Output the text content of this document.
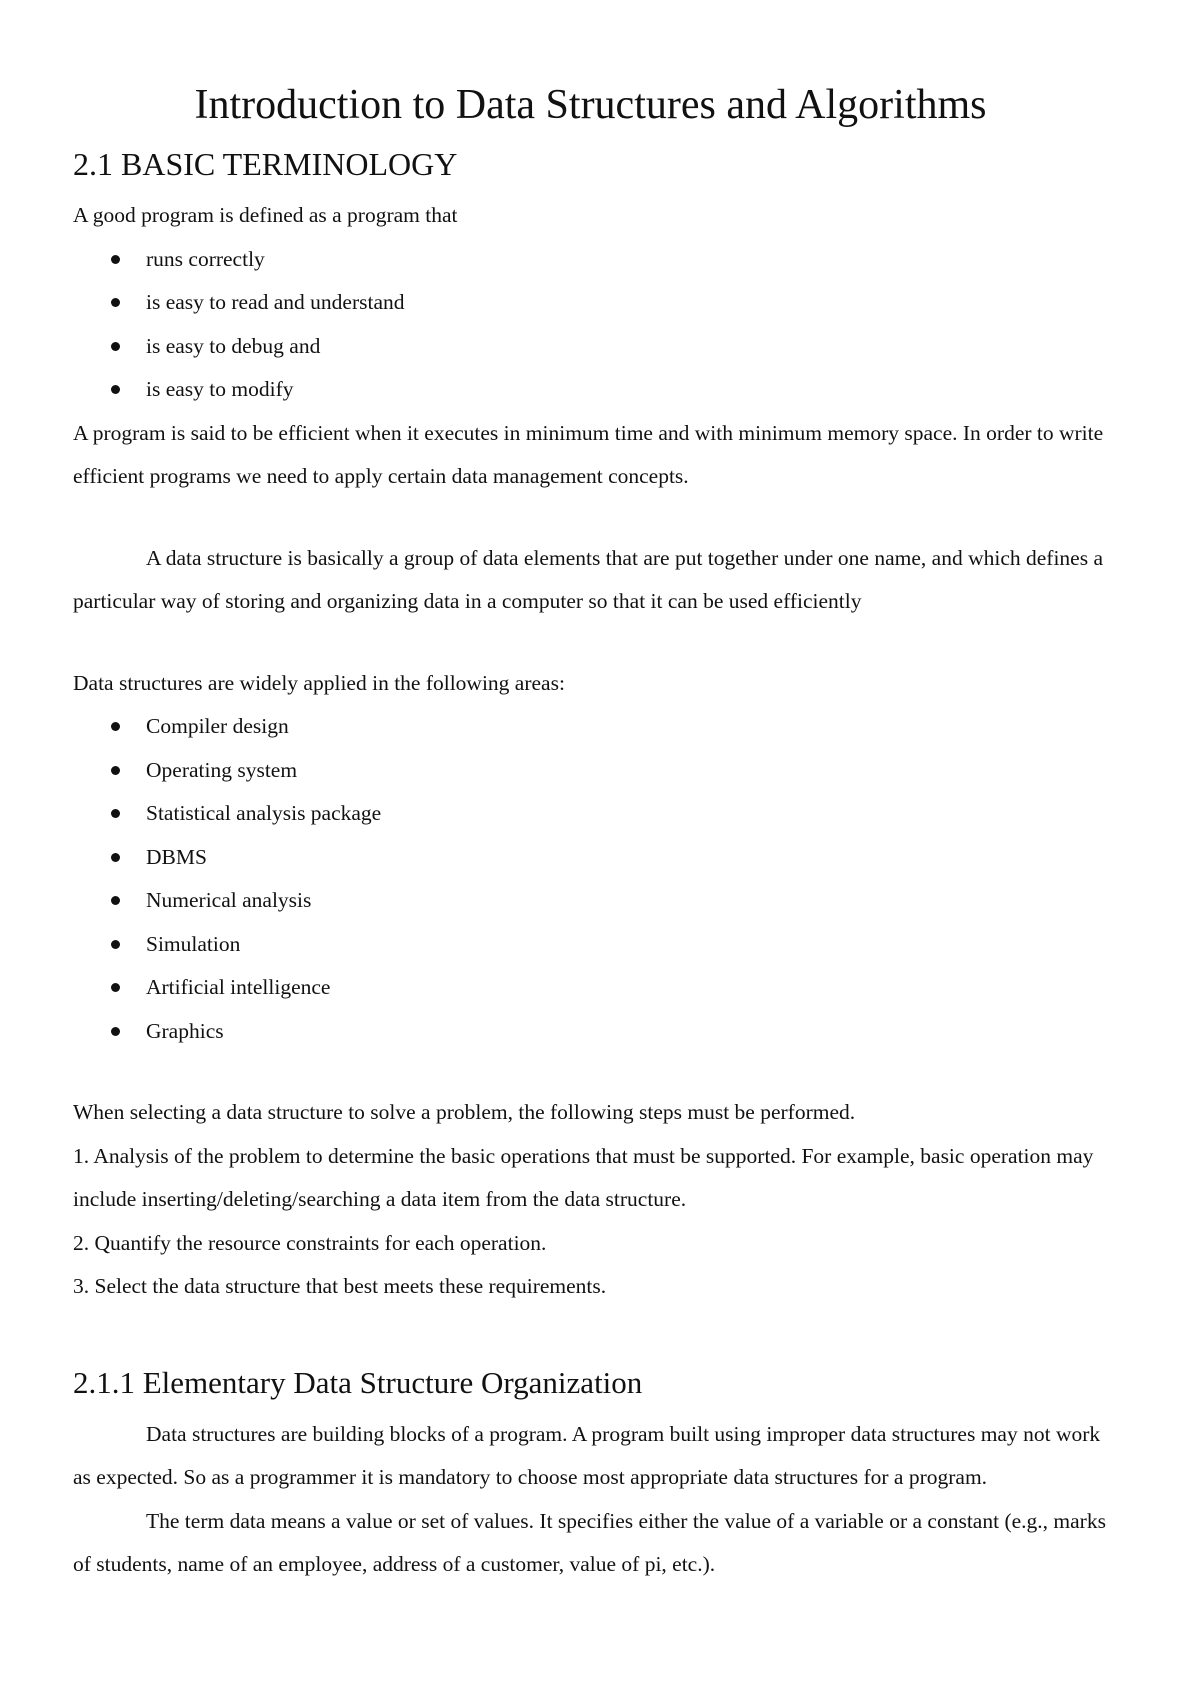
Introduction to Data Structures and Algorithms
2.1 BASIC TERMINOLOGY

A good program is defined as a program that

runs correctly
is easy to read and understand
is easy to debug and
is easy to modify

A program is said to be efficient when it executes in minimum time and with minimum memory space. In order to write efficient programs we need to apply certain data management concepts.

A data structure is basically a group of data elements that are put together under one name, and which defines a particular way of storing and organizing data in a computer so that it can be used efficiently

Data structures are widely applied in the following areas:

Compiler design
Operating system
Statistical analysis package
DBMS
Numerical analysis
Simulation
Artificial intelligence
Graphics

When selecting a data structure to solve a problem, the following steps must be performed.

1. Analysis of the problem to determine the basic operations that must be supported. For example, basic operation may include inserting/deleting/searching a data item from the data structure.

2. Quantify the resource constraints for each operation.

3. Select the data structure that best meets these requirements.

2.1.1 Elementary Data Structure Organization

Data structures are building blocks of a program. A program built using improper data structures may not work as expected. So as a programmer it is mandatory to choose most appropriate data structures for a program.

The term data means a value or set of values. It specifies either the value of a variable or a constant (e.g., marks of students, name of an employee, address of a customer, value of pi, etc.).
